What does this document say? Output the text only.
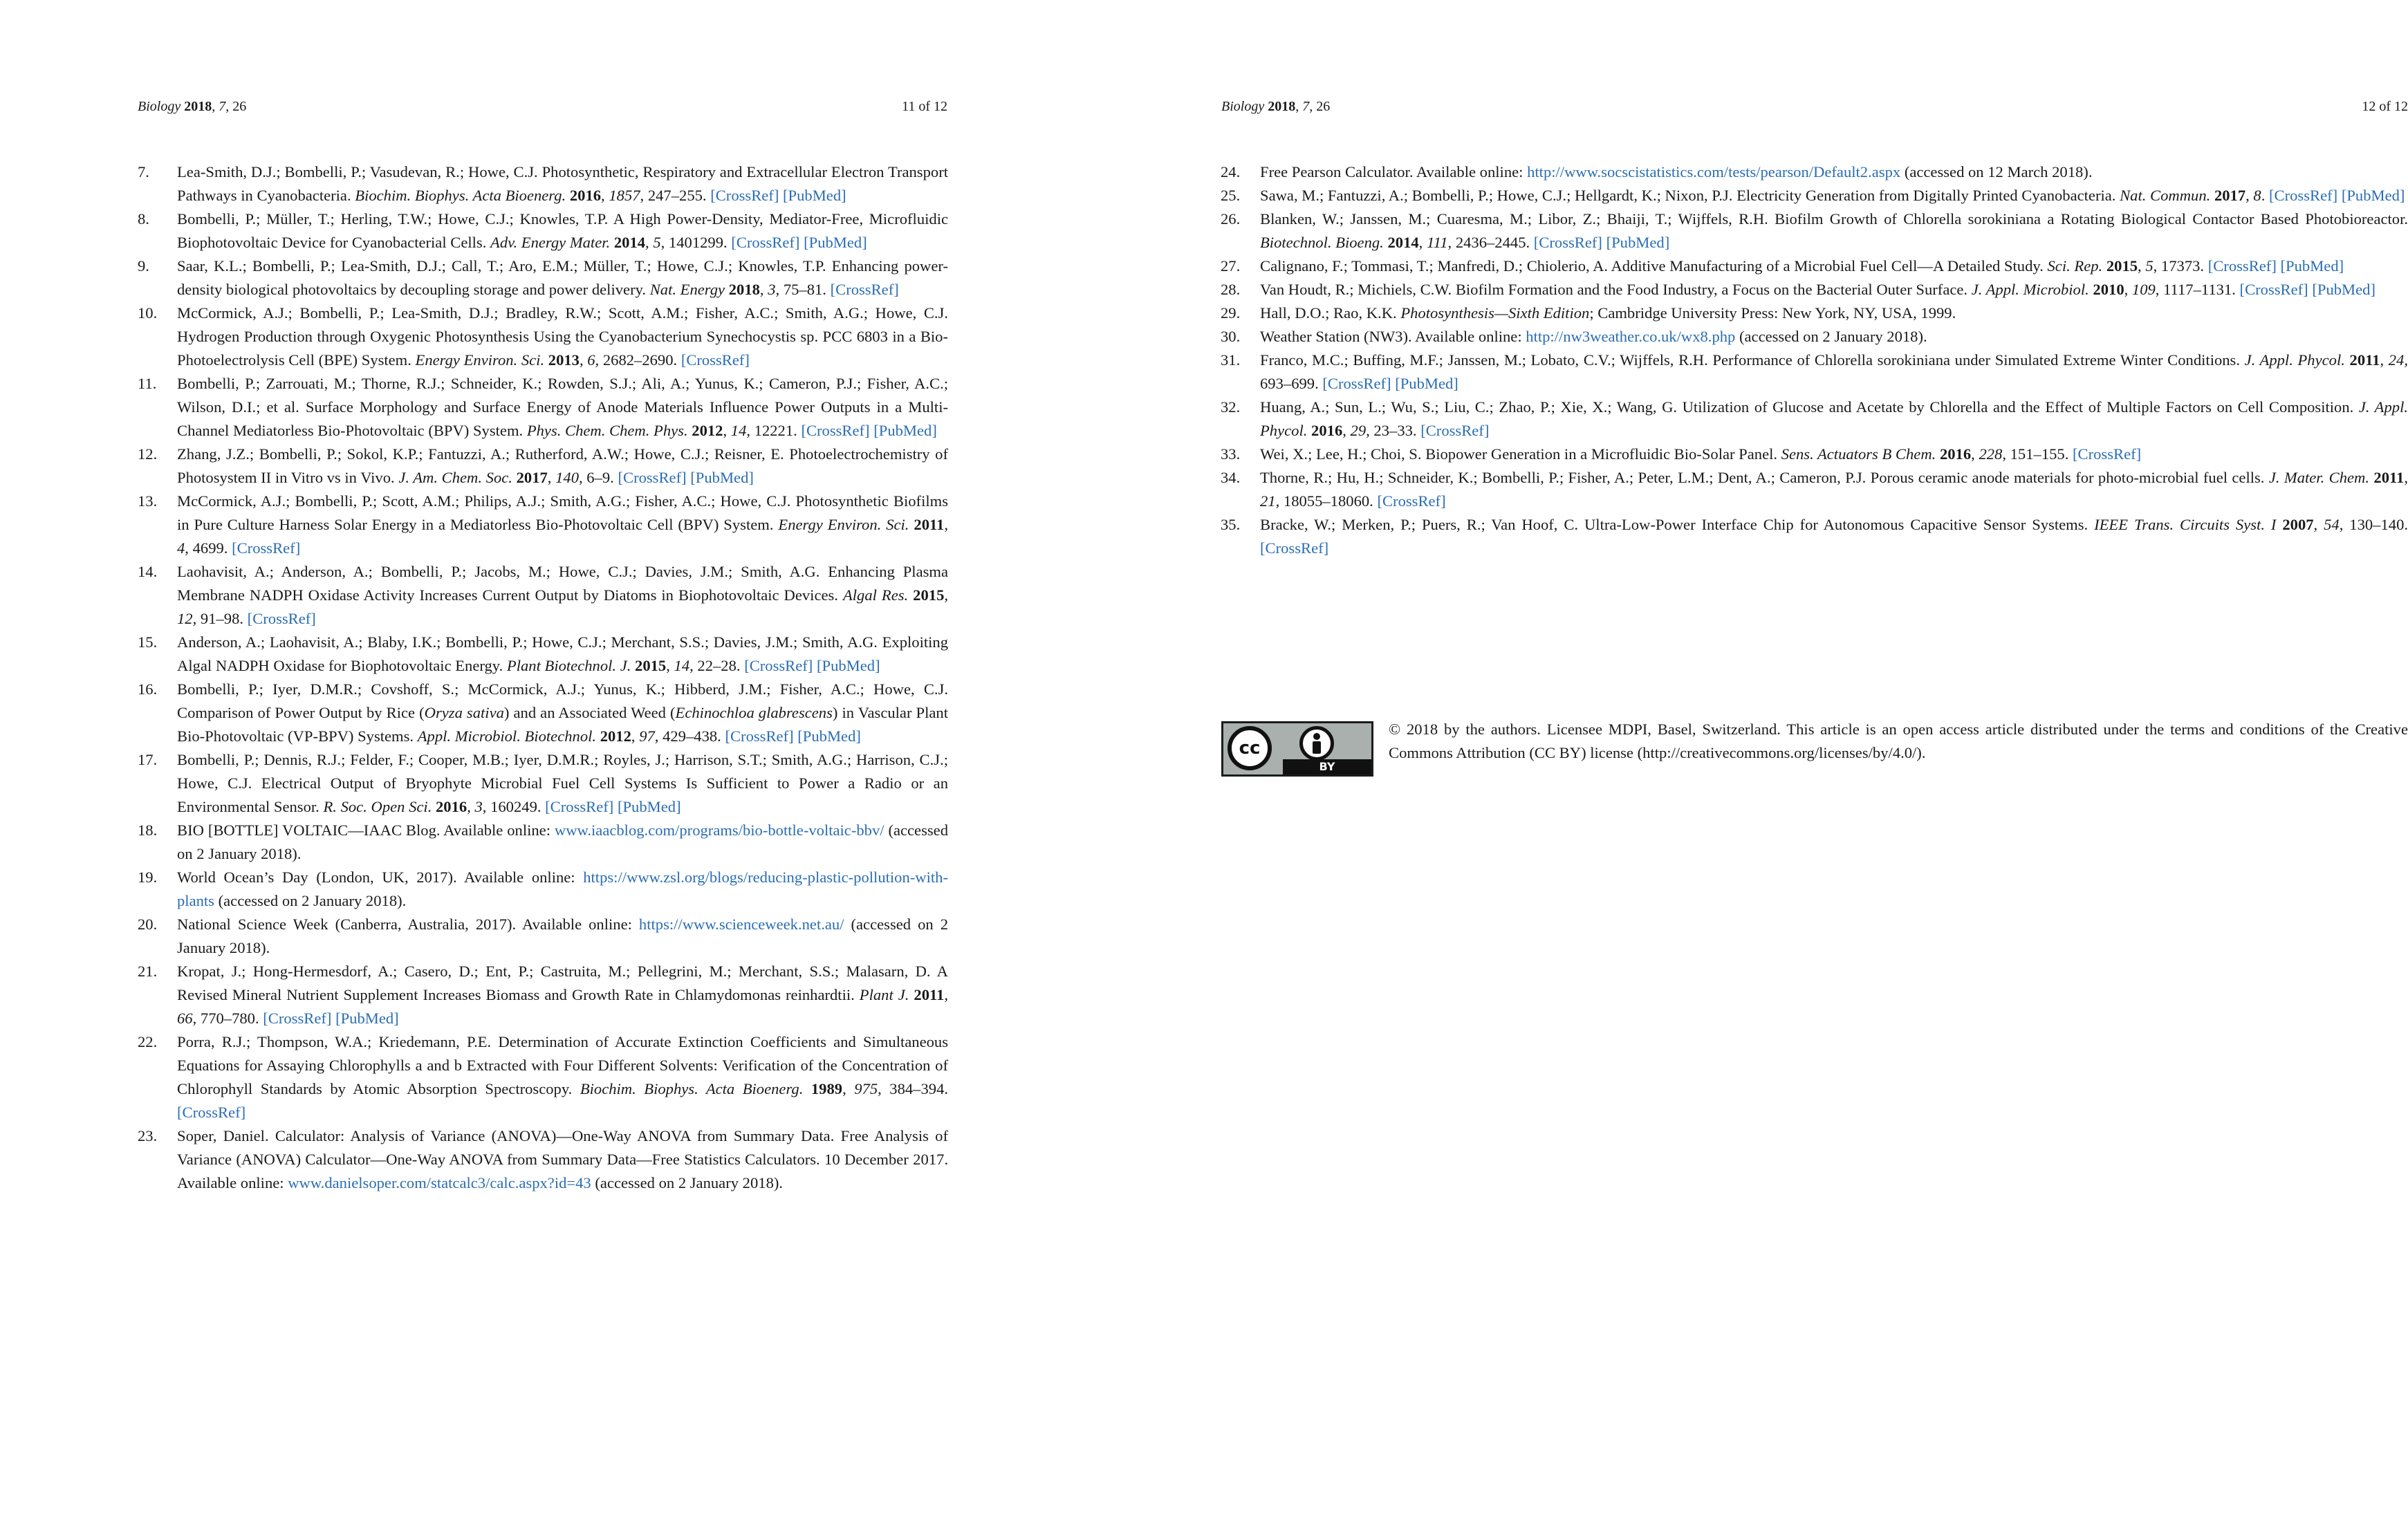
Biology 2018, 7, 26	11 of 12
7. Lea-Smith, D.J.; Bombelli, P.; Vasudevan, R.; Howe, C.J. Photosynthetic, Respiratory and Extracellular Electron Transport Pathways in Cyanobacteria. Biochim. Biophys. Acta Bioenerg. 2016, 1857, 247–255. [CrossRef] [PubMed]
8. Bombelli, P.; Müller, T.; Herling, T.W.; Howe, C.J.; Knowles, T.P. A High Power-Density, Mediator-Free, Microfluidic Biophotovoltaic Device for Cyanobacterial Cells. Adv. Energy Mater. 2014, 5, 1401299. [CrossRef] [PubMed]
9. Saar, K.L.; Bombelli, P.; Lea-Smith, D.J.; Call, T.; Aro, E.M.; Müller, T.; Howe, C.J.; Knowles, T.P. Enhancing power-density biological photovoltaics by decoupling storage and power delivery. Nat. Energy 2018, 3, 75–81. [CrossRef]
10. McCormick, A.J.; Bombelli, P.; Lea-Smith, D.J.; Bradley, R.W.; Scott, A.M.; Fisher, A.C.; Smith, A.G.; Howe, C.J. Hydrogen Production through Oxygenic Photosynthesis Using the Cyanobacterium Synechocystis sp. PCC 6803 in a Bio-Photoelectrolysis Cell (BPE) System. Energy Environ. Sci. 2013, 6, 2682–2690. [CrossRef]
11. Bombelli, P.; Zarrouati, M.; Thorne, R.J.; Schneider, K.; Rowden, S.J.; Ali, A.; Yunus, K.; Cameron, P.J.; Fisher, A.C.; Wilson, D.I.; et al. Surface Morphology and Surface Energy of Anode Materials Influence Power Outputs in a Multi-Channel Mediatorless Bio-Photovoltaic (BPV) System. Phys. Chem. Chem. Phys. 2012, 14, 12221. [CrossRef] [PubMed]
12. Zhang, J.Z.; Bombelli, P.; Sokol, K.P.; Fantuzzi, A.; Rutherford, A.W.; Howe, C.J.; Reisner, E. Photoelectrochemistry of Photosystem II in Vitro vs in Vivo. J. Am. Chem. Soc. 2017, 140, 6–9. [CrossRef] [PubMed]
13. McCormick, A.J.; Bombelli, P.; Scott, A.M.; Philips, A.J.; Smith, A.G.; Fisher, A.C.; Howe, C.J. Photosynthetic Biofilms in Pure Culture Harness Solar Energy in a Mediatorless Bio-Photovoltaic Cell (BPV) System. Energy Environ. Sci. 2011, 4, 4699. [CrossRef]
14. Laohavisit, A.; Anderson, A.; Bombelli, P.; Jacobs, M.; Howe, C.J.; Davies, J.M.; Smith, A.G. Enhancing Plasma Membrane NADPH Oxidase Activity Increases Current Output by Diatoms in Biophotovoltaic Devices. Algal Res. 2015, 12, 91–98. [CrossRef]
15. Anderson, A.; Laohavisit, A.; Blaby, I.K.; Bombelli, P.; Howe, C.J.; Merchant, S.S.; Davies, J.M.; Smith, A.G. Exploiting Algal NADPH Oxidase for Biophotovoltaic Energy. Plant Biotechnol. J. 2015, 14, 22–28. [CrossRef] [PubMed]
16. Bombelli, P.; Iyer, D.M.R.; Covshoff, S.; McCormick, A.J.; Yunus, K.; Hibberd, J.M.; Fisher, A.C.; Howe, C.J. Comparison of Power Output by Rice (Oryza sativa) and an Associated Weed (Echinochloa glabrescens) in Vascular Plant Bio-Photovoltaic (VP-BPV) Systems. Appl. Microbiol. Biotechnol. 2012, 97, 429–438. [CrossRef] [PubMed]
17. Bombelli, P.; Dennis, R.J.; Felder, F.; Cooper, M.B.; Iyer, D.M.R.; Royles, J.; Harrison, S.T.; Smith, A.G.; Harrison, C.J.; Howe, C.J. Electrical Output of Bryophyte Microbial Fuel Cell Systems Is Sufficient to Power a Radio or an Environmental Sensor. R. Soc. Open Sci. 2016, 3, 160249. [CrossRef] [PubMed]
18. BIO [BOTTLE] VOLTAIC—IAAC Blog. Available online: www.iaacblog.com/programs/bio-bottle-voltaic-bbv/ (accessed on 2 January 2018).
19. World Ocean’s Day (London, UK, 2017). Available online: https://www.zsl.org/blogs/reducing-plastic-pollution-with-plants (accessed on 2 January 2018).
20. National Science Week (Canberra, Australia, 2017). Available online: https://www.scienceweek.net.au/ (accessed on 2 January 2018).
21. Kropat, J.; Hong-Hermesdorf, A.; Casero, D.; Ent, P.; Castruita, M.; Pellegrini, M.; Merchant, S.S.; Malasarn, D. A Revised Mineral Nutrient Supplement Increases Biomass and Growth Rate in Chlamydomonas reinhardtii. Plant J. 2011, 66, 770–780. [CrossRef] [PubMed]
22. Porra, R.J.; Thompson, W.A.; Kriedemann, P.E. Determination of Accurate Extinction Coefficients and Simultaneous Equations for Assaying Chlorophylls a and b Extracted with Four Different Solvents: Verification of the Concentration of Chlorophyll Standards by Atomic Absorption Spectroscopy. Biochim. Biophys. Acta Bioenerg. 1989, 975, 384–394. [CrossRef]
23. Soper, Daniel. Calculator: Analysis of Variance (ANOVA)—One-Way ANOVA from Summary Data. Free Analysis of Variance (ANOVA) Calculator—One-Way ANOVA from Summary Data—Free Statistics Calculators. 10 December 2017. Available online: www.danielsoper.com/statcalc3/calc.aspx?id=43 (accessed on 2 January 2018).
Biology 2018, 7, 26	12 of 12
24. Free Pearson Calculator. Available online: http://www.socscistatistics.com/tests/pearson/Default2.aspx (accessed on 12 March 2018).
25. Sawa, M.; Fantuzzi, A.; Bombelli, P.; Howe, C.J.; Hellgardt, K.; Nixon, P.J. Electricity Generation from Digitally Printed Cyanobacteria. Nat. Commun. 2017, 8. [CrossRef] [PubMed]
26. Blanken, W.; Janssen, M.; Cuaresma, M.; Libor, Z.; Bhaiji, T.; Wijffels, R.H. Biofilm Growth of Chlorella sorokiniana a Rotating Biological Contactor Based Photobioreactor. Biotechnol. Bioeng. 2014, 111, 2436–2445. [CrossRef] [PubMed]
27. Calignano, F.; Tommasi, T.; Manfredi, D.; Chiolerio, A. Additive Manufacturing of a Microbial Fuel Cell—A Detailed Study. Sci. Rep. 2015, 5, 17373. [CrossRef] [PubMed]
28. Van Houdt, R.; Michiels, C.W. Biofilm Formation and the Food Industry, a Focus on the Bacterial Outer Surface. J. Appl. Microbiol. 2010, 109, 1117–1131. [CrossRef] [PubMed]
29. Hall, D.O.; Rao, K.K. Photosynthesis—Sixth Edition; Cambridge University Press: New York, NY, USA, 1999.
30. Weather Station (NW3). Available online: http://nw3weather.co.uk/wx8.php (accessed on 2 January 2018).
31. Franco, M.C.; Buffing, M.F.; Janssen, M.; Lobato, C.V.; Wijffels, R.H. Performance of Chlorella sorokiniana under Simulated Extreme Winter Conditions. J. Appl. Phycol. 2011, 24, 693–699. [CrossRef] [PubMed]
32. Huang, A.; Sun, L.; Wu, S.; Liu, C.; Zhao, P.; Xie, X.; Wang, G. Utilization of Glucose and Acetate by Chlorella and the Effect of Multiple Factors on Cell Composition. J. Appl. Phycol. 2016, 29, 23–33. [CrossRef]
33. Wei, X.; Lee, H.; Choi, S. Biopower Generation in a Microfluidic Bio-Solar Panel. Sens. Actuators B Chem. 2016, 228, 151–155. [CrossRef]
34. Thorne, R.; Hu, H.; Schneider, K.; Bombelli, P.; Fisher, A.; Peter, L.M.; Dent, A.; Cameron, P.J. Porous ceramic anode materials for photo-microbial fuel cells. J. Mater. Chem. 2011, 21, 18055–18060. [CrossRef]
35. Bracke, W.; Merken, P.; Puers, R.; Van Hoof, C. Ultra-Low-Power Interface Chip for Autonomous Capacitive Sensor Systems. IEEE Trans. Circuits Syst. I 2007, 54, 130–140. [CrossRef]
cc
BY
© 2018 by the authors. Licensee MDPI, Basel, Switzerland. This article is an open access article distributed under the terms and conditions of the Creative Commons Attribution (CC BY) license (http://creativecommons.org/licenses/by/4.0/).
